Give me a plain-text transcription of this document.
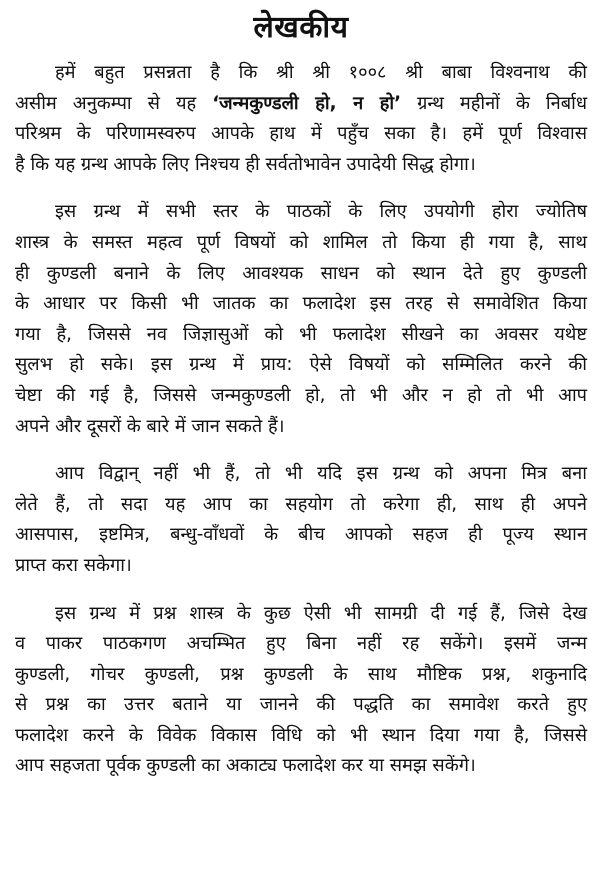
लेखकीय

हमें बहुत प्रसन्नता है कि श्री श्री १००८ श्री बाबा विश्वनाथ की
असीम अनुकम्पा से यह ‘जन्मकुण्डली हो, न हो’ ग्रन्थ महीनों के निर्बाध
परिश्रम के परिणामस्वरुप आपके हाथ में पहुँच सका है। हमें पूर्ण विश्वास
है कि यह ग्रन्थ आपके लिए निश्चय ही सर्वतोभावेन उपादेयी सिद्ध होगा।

इस ग्रन्थ में सभी स्तर के पाठकों के लिए उपयोगी होरा ज्योतिष
शास्त्र के समस्त महत्व पूर्ण विषयों को शामिल तो किया ही गया है, साथ
ही कुण्डली बनाने के लिए आवश्यक साधन को स्थान देते हुए कुण्डली
के आधार पर किसी भी जातक का फलादेश इस तरह से समावेशित किया
गया है, जिससे नव जिज्ञासुओं को भी फलादेश सीखने का अवसर यथेष्ट
सुलभ हो सके। इस ग्रन्थ में प्राय: ऐसे विषयों को सम्मिलित करने की
चेष्टा की गई है, जिससे जन्मकुण्डली हो, तो भी और न हो तो भी आप
अपने और दूसरों के बारे में जान सकते हैं।

आप विद्वान् नहीं भी हैं, तो भी यदि इस ग्रन्थ को अपना मित्र बना
लेते हैं, तो सदा यह आप का सहयोग तो करेगा ही, साथ ही अपने
आसपास, इष्टमित्र, बन्धु-वाँधवों के बीच आपको सहज ही पूज्य स्थान
प्राप्त करा सकेगा।

इस ग्रन्थ में प्रश्न शास्त्र के कुछ ऐसी भी सामग्री दी गई हैं, जिसे देख
व पाकर पाठकगण अचम्भित हुए बिना नहीं रह सकेंगे। इसमें जन्म
कुण्डली, गोचर कुण्डली, प्रश्न कुण्डली के साथ मौष्टिक प्रश्न, शकुनादि
से प्रश्न का उत्तर बताने या जानने की पद्धति का समावेश करते हुए
फलादेश करने के विवेक विकास विधि को भी स्थान दिया गया है, जिससे
आप सहजता पूर्वक कुण्डली का अकाट्य फलादेश कर या समझ सकेंगे।
